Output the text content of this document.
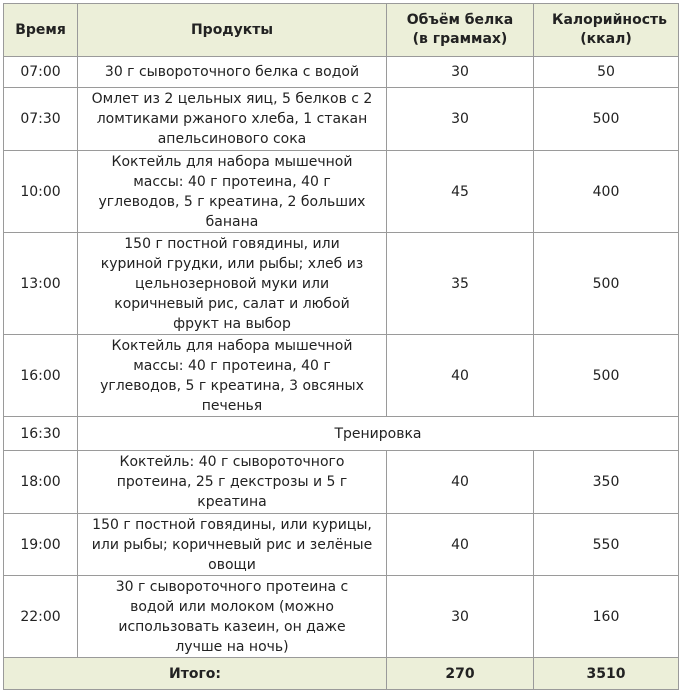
Время	Продукты	Объём белка (в граммах)	Калорийность (ккал)
07:00	30 г сывороточного белка с водой	30	50
07:30	Омлет из 2 цельных яиц, 5 белков с 2 ломтиками ржаного хлеба, 1 стакан апельсинового сока	30	500
10:00	Коктейль для набора мышечной массы: 40 г протеина, 40 г углеводов, 5 г креатина, 2 больших банана	45	400
13:00	150 г постной говядины, или куриной грудки, или рыбы; хлеб из цельнозерновой муки или коричневый рис, салат и любой фрукт на выбор	35	500
16:00	Коктейль для набора мышечной массы: 40 г протеина, 40 г углеводов, 5 г креатина, 3 овсяных печенья	40	500
16:30	Тренировка		
18:00	Коктейль: 40 г сывороточного протеина, 25 г декстрозы и 5 г креатина	40	350
19:00	150 г постной говядины, или курицы, или рыбы; коричневый рис и зелёные овощи	40	550
22:00	30 г сывороточного протеина с водой или молоком (можно использовать казеин, он даже лучше на ночь)	30	160
Итого:		270	3510
